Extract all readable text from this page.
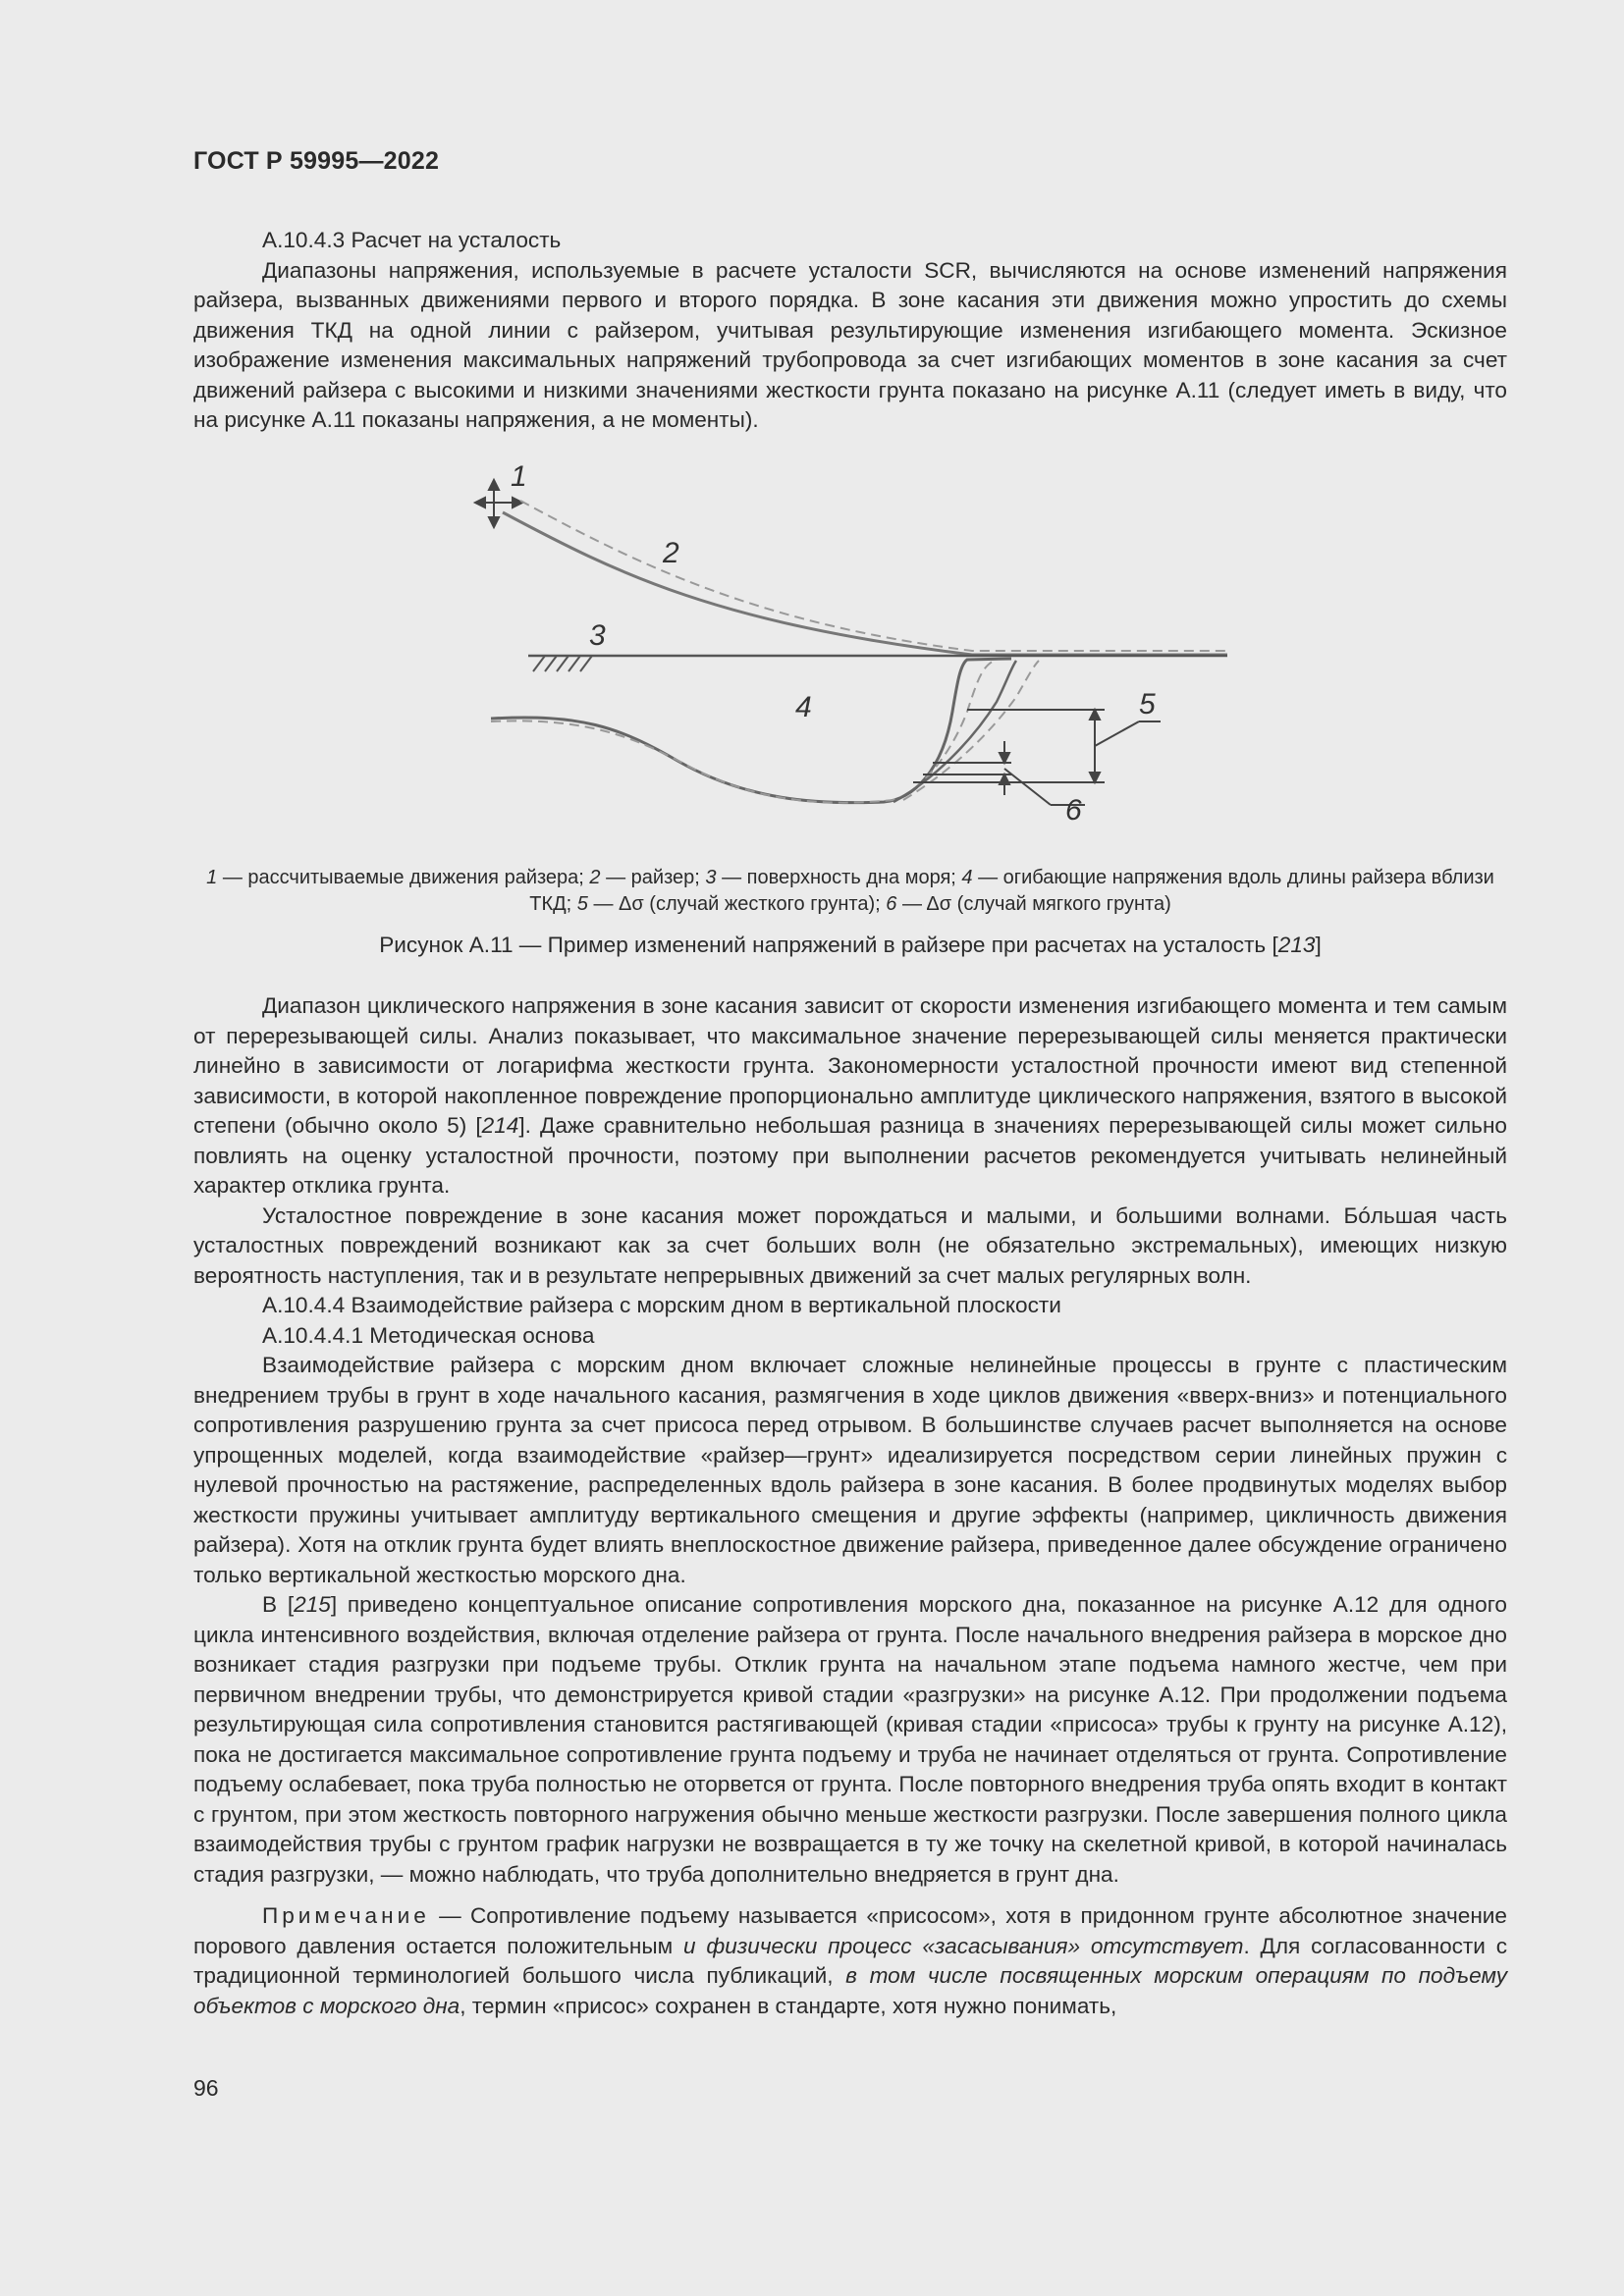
ГОСТ Р 59995—2022
А.10.4.3 Расчет на усталость

Диапазоны напряжения, используемые в расчете усталости SCR, вычисляются на основе изменений напряжения райзера, вызванных движениями первого и второго порядка. В зоне касания эти движения можно упростить до схемы движения ТКД на одной линии с райзером, учитывая результирующие изменения изгибающего момента. Эскизное изображение изменения максимальных напряжений трубопровода за счет изгибающих моментов в зоне касания за счет движений райзера с высокими и низкими значениями жесткости грунта показано на рисунке А.11 (следует иметь в виду, что на рисунке А.11 показаны напряжения, а не моменты).

1
2
3
4	5
6
1 — рассчитываемые движения райзера; 2 — райзер; 3 — поверхность дна моря; 4 — огибающие напряжения вдоль длины райзера вблизи ТКД; 5 — Δσ (случай жесткого грунта); 6 — Δσ (случай мягкого грунта)
Рисунок А.11 — Пример изменений напряжений в райзере при расчетах на усталость [213]

Диапазон циклического напряжения в зоне касания зависит от скорости изменения изгибающего момента и тем самым от перерезывающей силы. Анализ показывает, что максимальное значение перерезывающей силы меняется практически линейно в зависимости от логарифма жесткости грунта. Закономерности усталостной прочности имеют вид степенной зависимости, в которой накопленное повреждение пропорционально амплитуде циклического напряжения, взятого в высокой степени (обычно около 5) [214]. Даже сравнительно небольшая разница в значениях перерезывающей силы может сильно повлиять на оценку усталостной прочности, поэтому при выполнении расчетов рекомендуется учитывать нелинейный характер отклика грунта.

Усталостное повреждение в зоне касания может порождаться и малыми, и большими волнами. Бóльшая часть усталостных повреждений возникают как за счет больших волн (не обязательно экстремальных), имеющих низкую вероятность наступления, так и в результате непрерывных движений за счет малых регулярных волн.

А.10.4.4 Взаимодействие райзера с морским дном в вертикальной плоскости
А.10.4.4.1 Методическая основа

Взаимодействие райзера с морским дном включает сложные нелинейные процессы в грунте с пластическим внедрением трубы в грунт в ходе начального касания, размягчения в ходе циклов движения «вверх-вниз» и потенциального сопротивления разрушению грунта за счет присоса перед отрывом. В большинстве случаев расчет выполняется на основе упрощенных моделей, когда взаимодействие «райзер—грунт» идеализируется посредством серии линейных пружин с нулевой прочностью на растяжение, распределенных вдоль райзера в зоне касания. В более продвинутых моделях выбор жесткости пружины учитывает амплитуду вертикального смещения и другие эффекты (например, цикличность движения райзера). Хотя на отклик грунта будет влиять внеплоскостное движение райзера, приведенное далее обсуждение ограничено только вертикальной жесткостью морского дна.

В [215] приведено концептуальное описание сопротивления морского дна, показанное на рисунке А.12 для одного цикла интенсивного воздействия, включая отделение райзера от грунта. После начального внедрения райзера в морское дно возникает стадия разгрузки при подъеме трубы. Отклик грунта на начальном этапе подъема намного жестче, чем при первичном внедрении трубы, что демонстрируется кривой стадии «разгрузки» на рисунке А.12. При продолжении подъема результирующая сила сопротивления становится растягивающей (кривая стадии «присоса» трубы к грунту на рисунке А.12), пока не достигается максимальное сопротивление грунта подъему и труба не начинает отделяться от грунта. Сопротивление подъему ослабевает, пока труба полностью не оторвется от грунта. После повторного внедрения труба опять входит в контакт с грунтом, при этом жесткость повторного нагружения обычно меньше жесткости разгрузки. После завершения полного цикла взаимодействия трубы с грунтом график нагрузки не возвращается в ту же точку на скелетной кривой, в которой начиналась стадия разгрузки, — можно наблюдать, что труба дополнительно внедряется в грунт дна.

Примечание — Сопротивление подъему называется «присосом», хотя в придонном грунте абсолютное значение порового давления остается положительным и физически процесс «засасывания» отсутствует. Для согласованности с традиционной терминологией большого числа публикаций, в том числе посвященных морским операциям по подъему объектов с морского дна, термин «присос» сохранен в стандарте, хотя нужно понимать,

96
